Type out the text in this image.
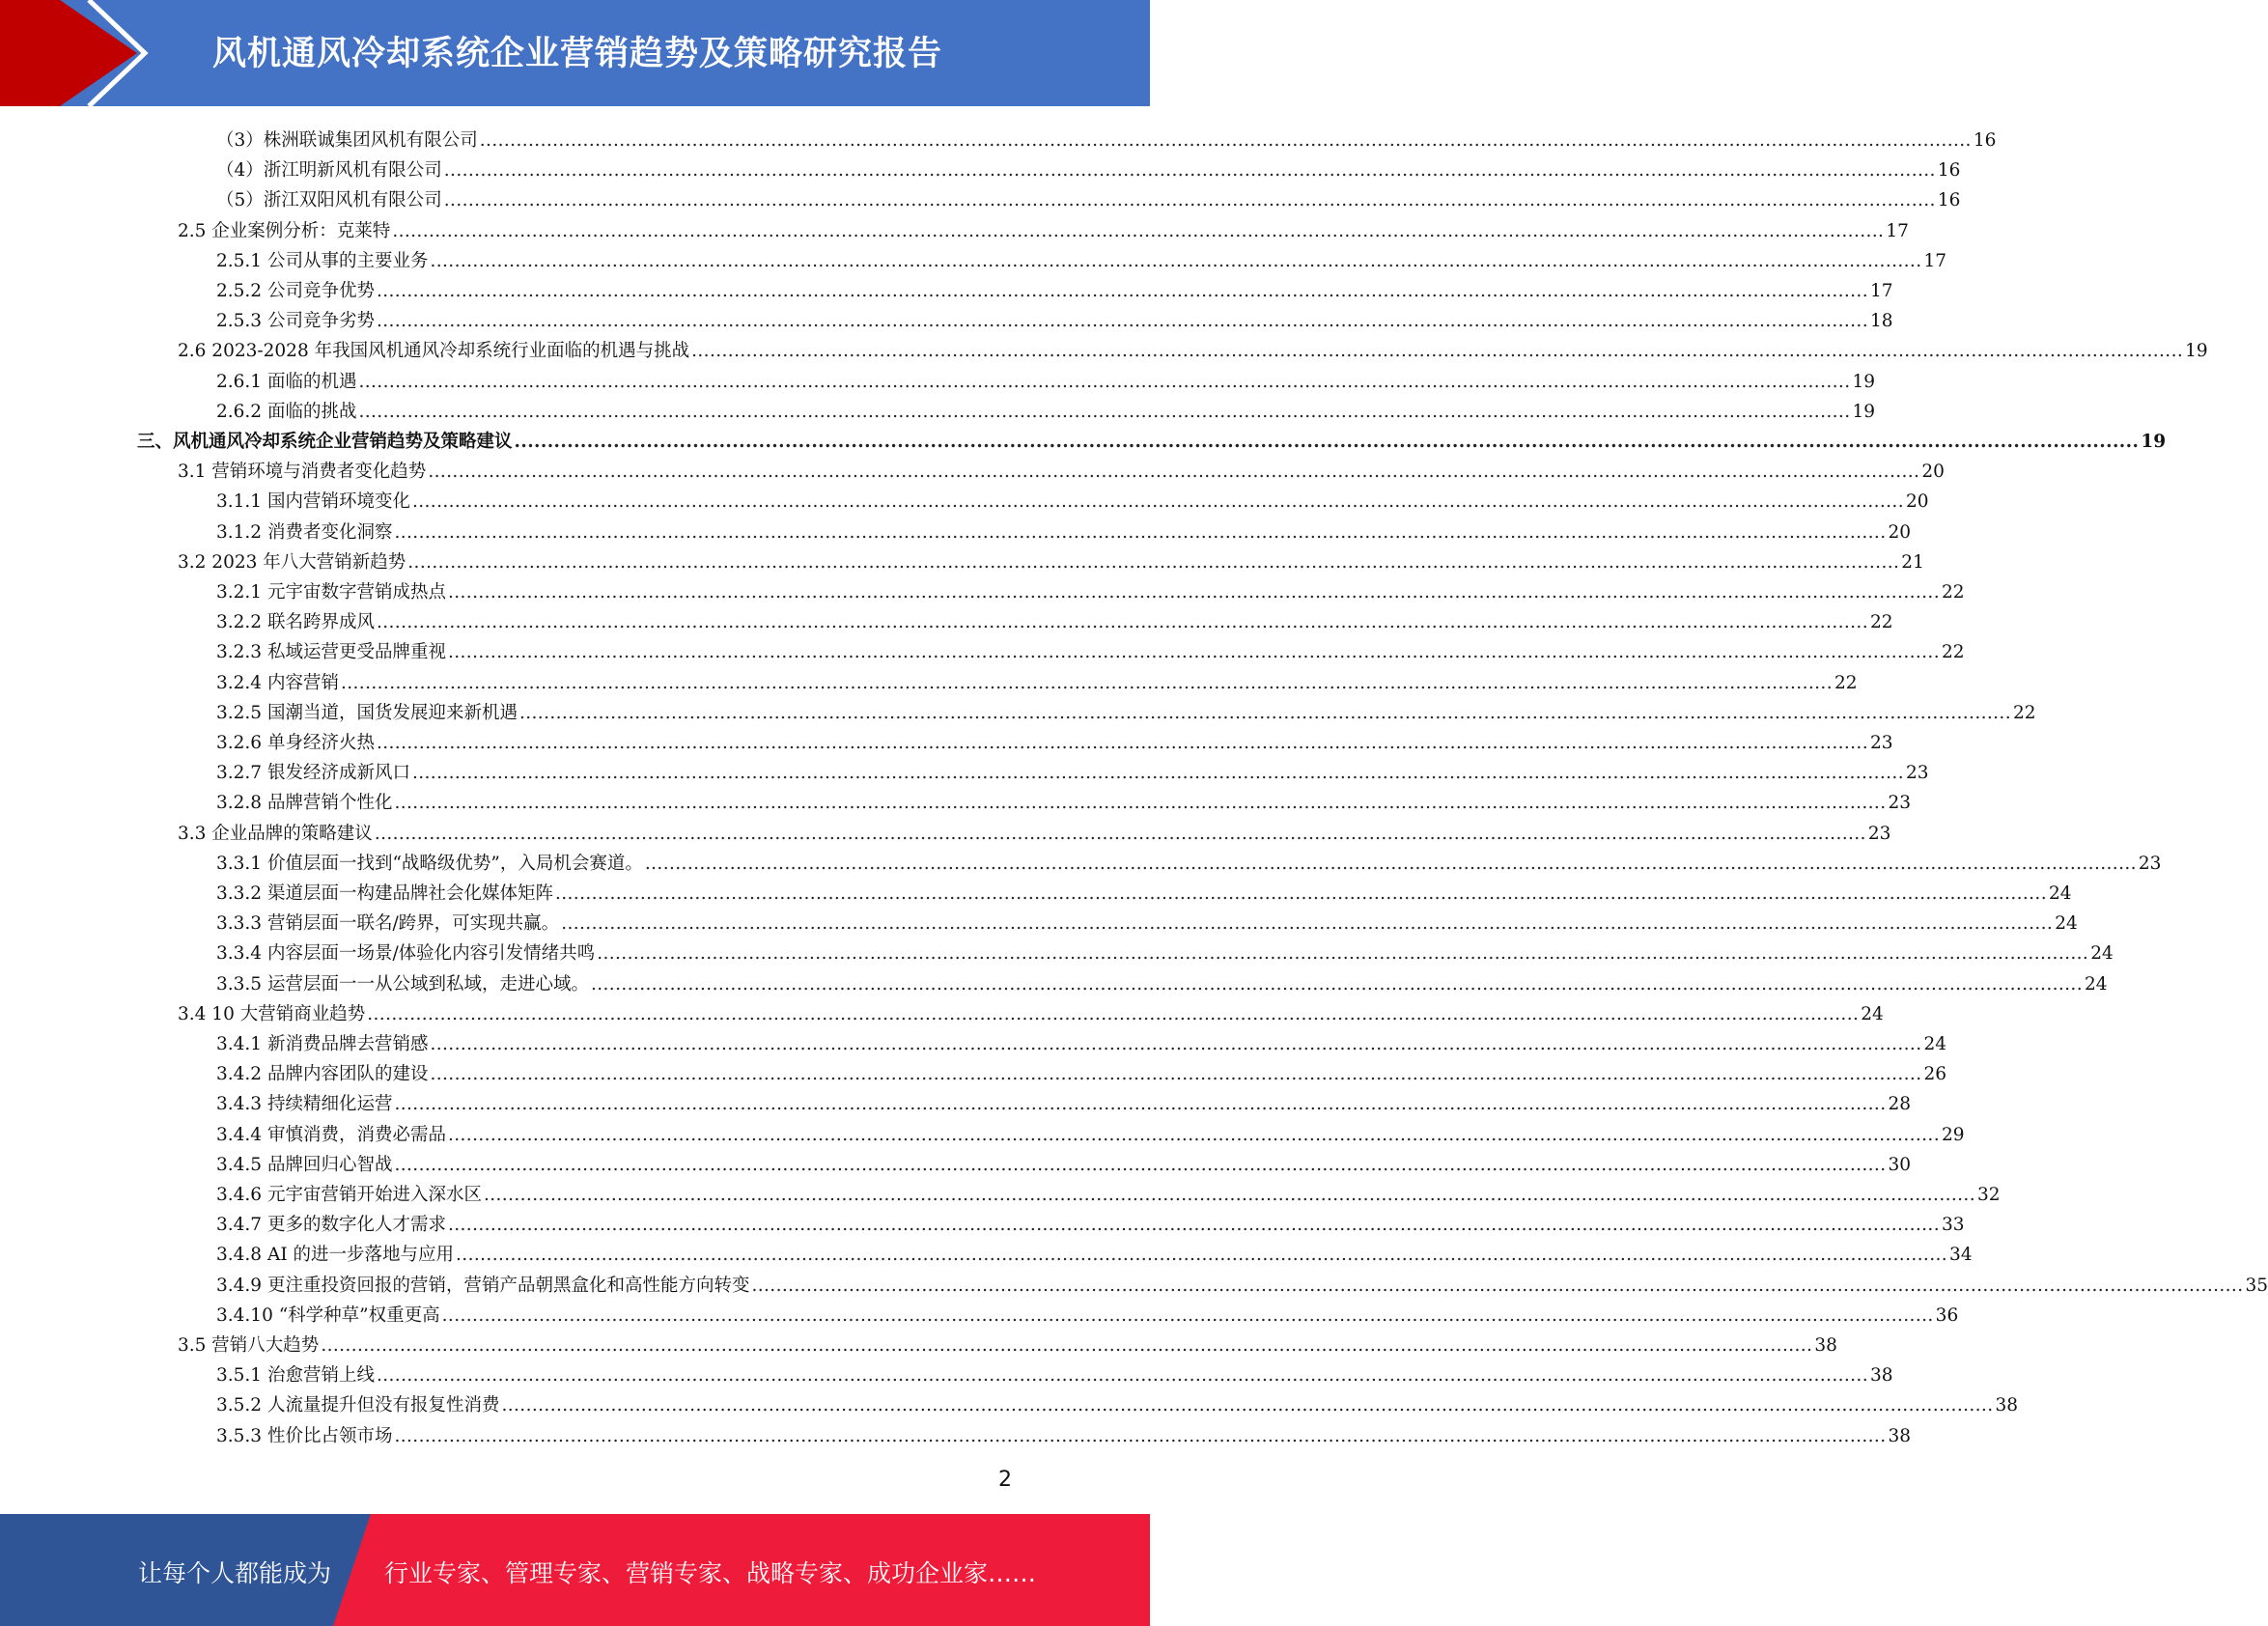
风机通风冷却系统企业营销趋势及策略研究报告
（3）株洲联诚集团风机有限公司 ...................................................................................................................................................................................................................................................... 16
（4）浙江明新风机有限公司 ...................................................................................................................................................................................................................................................... 16
（5）浙江双阳风机有限公司 ...................................................................................................................................................................................................................................................... 16
2.5 企业案例分析：克莱特 ...................................................................................................................................................................................................................................................... 17
2.5.1 公司从事的主要业务 ...................................................................................................................................................................................................................................................... 17
2.5.2 公司竞争优势 ...................................................................................................................................................................................................................................................... 17
2.5.3 公司竞争劣势 ...................................................................................................................................................................................................................................................... 18
2.6 2023-2028 年我国风机通风冷却系统行业面临的机遇与挑战 ...................................................................................................................................................................................................................................................... 19
2.6.1 面临的机遇 ...................................................................................................................................................................................................................................................... 19
2.6.2 面临的挑战 ...................................................................................................................................................................................................................................................... 19
三、风机通风冷却系统企业营销趋势及策略建议 ...................................................................................................................................................................................................................................................... 19
3.1 营销环境与消费者变化趋势 ...................................................................................................................................................................................................................................................... 20
3.1.1 国内营销环境变化 ...................................................................................................................................................................................................................................................... 20
3.1.2 消费者变化洞察 ...................................................................................................................................................................................................................................................... 20
3.2 2023 年八大营销新趋势 ...................................................................................................................................................................................................................................................... 21
3.2.1 元宇宙数字营销成热点 ...................................................................................................................................................................................................................................................... 22
3.2.2 联名跨界成风 ...................................................................................................................................................................................................................................................... 22
3.2.3 私域运营更受品牌重视 ...................................................................................................................................................................................................................................................... 22
3.2.4 内容营销 ...................................................................................................................................................................................................................................................... 22
3.2.5 国潮当道，国货发展迎来新机遇 ...................................................................................................................................................................................................................................................... 22
3.2.6 单身经济火热 ...................................................................................................................................................................................................................................................... 23
3.2.7 银发经济成新风口 ...................................................................................................................................................................................................................................................... 23
3.2.8 品牌营销个性化 ...................................................................................................................................................................................................................................................... 23
3.3 企业品牌的策略建议 ...................................................................................................................................................................................................................................................... 23
3.3.1 价值层面一找到“战略级优势”，入局机会赛道。 ...................................................................................................................................................................................................................................................... 23
3.3.2 渠道层面一构建品牌社会化媒体矩阵 ...................................................................................................................................................................................................................................................... 24
3.3.3 营销层面一联名/跨界，可实现共赢。 ...................................................................................................................................................................................................................................................... 24
3.3.4 内容层面一场景/体验化内容引发情绪共鸣 ...................................................................................................................................................................................................................................................... 24
3.3.5 运营层面一一从公域到私域，走进心域。 ...................................................................................................................................................................................................................................................... 24
3.4 10 大营销商业趋势 ...................................................................................................................................................................................................................................................... 24
3.4.1 新消费品牌去营销感 ...................................................................................................................................................................................................................................................... 24
3.4.2 品牌内容团队的建设 ...................................................................................................................................................................................................................................................... 26
3.4.3 持续精细化运营 ...................................................................................................................................................................................................................................................... 28
3.4.4 审慎消费，消费必需品 ...................................................................................................................................................................................................................................................... 29
3.4.5 品牌回归心智战 ...................................................................................................................................................................................................................................................... 30
3.4.6 元宇宙营销开始进入深水区 ...................................................................................................................................................................................................................................................... 32
3.4.7 更多的数字化人才需求 ...................................................................................................................................................................................................................................................... 33
3.4.8 AI 的进一步落地与应用 ...................................................................................................................................................................................................................................................... 34
3.4.9 更注重投资回报的营销，营销产品朝黑盒化和高性能方向转变 ...................................................................................................................................................................................................................................................... 35
3.4.10 “科学种草”权重更高 ...................................................................................................................................................................................................................................................... 36
3.5 营销八大趋势 ...................................................................................................................................................................................................................................................... 38
3.5.1 治愈营销上线 ...................................................................................................................................................................................................................................................... 38
3.5.2 人流量提升但没有报复性消费 ...................................................................................................................................................................................................................................................... 38
3.5.3 性价比占领市场 ...................................................................................................................................................................................................................................................... 38
2
让每个人都能成为 行业专家、管理专家、营销专家、战略专家、成功企业家……
